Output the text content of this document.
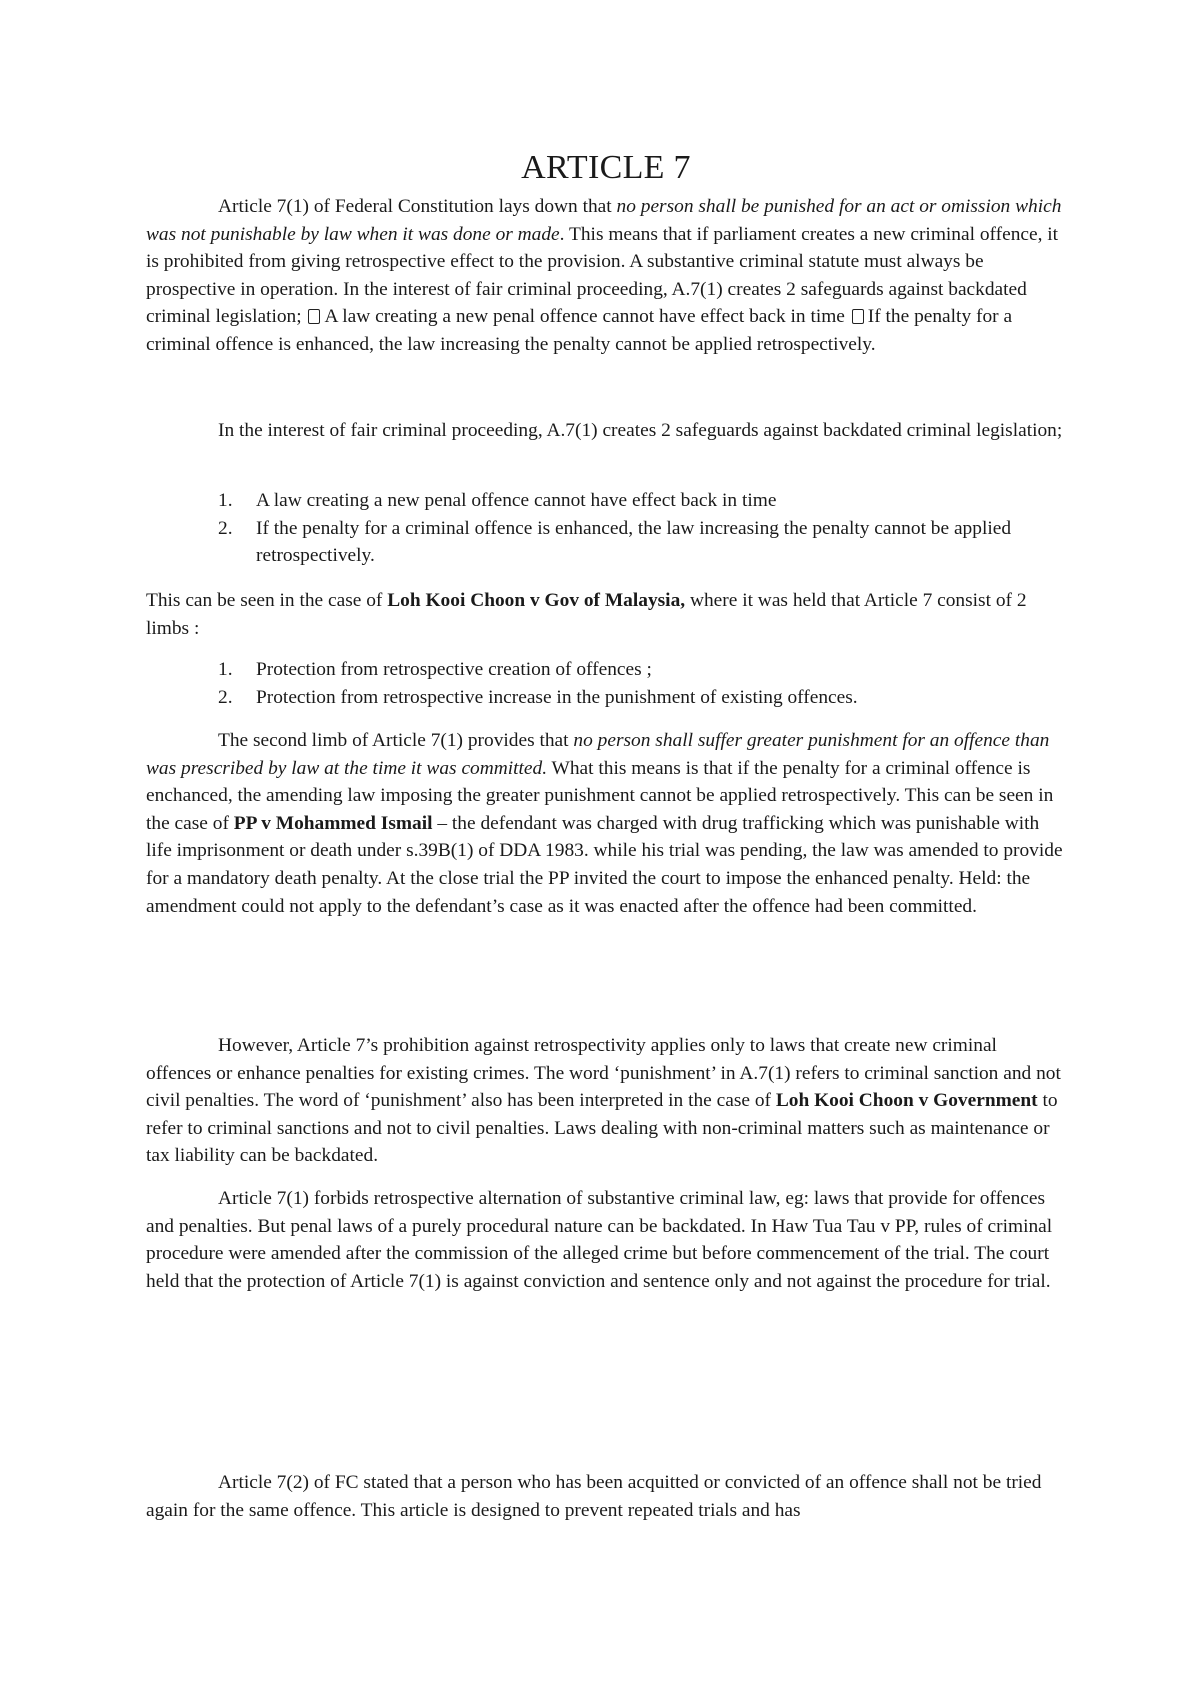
ARTICLE 7

Article 7(1) of Federal Constitution lays down that no person shall be punished for an act or omission which was not punishable by law when it was done or made. This means that if parliament creates a new criminal offence, it is prohibited from giving retrospective effect to the provision. A substantive criminal statute must always be prospective in operation. In the interest of fair criminal proceeding, A.7(1) creates 2 safeguards against backdated criminal legislation; A law creating a new penal offence cannot have effect back in time If the penalty for a criminal offence is enhanced, the law increasing the penalty cannot be applied retrospectively.

In the interest of fair criminal proceeding, A.7(1) creates 2 safeguards against backdated criminal legislation;

1. A law creating a new penal offence cannot have effect back in time
2. If the penalty for a criminal offence is enhanced, the law increasing the penalty cannot be applied retrospectively.

This can be seen in the case of Loh Kooi Choon v Gov of Malaysia, where it was held that Article 7 consist of 2 limbs :

1. Protection from retrospective creation of offences ;
2. Protection from retrospective increase in the punishment of existing offences.

The second limb of Article 7(1) provides that no person shall suffer greater punishment for an offence than was prescribed by law at the time it was committed. What this means is that if the penalty for a criminal offence is enchanced, the amending law imposing the greater punishment cannot be applied retrospectively. This can be seen in the case of PP v Mohammed Ismail – the defendant was charged with drug trafficking which was punishable with life imprisonment or death under s.39B(1) of DDA 1983. while his trial was pending, the law was amended to provide for a mandatory death penalty. At the close trial the PP invited the court to impose the enhanced penalty. Held: the amendment could not apply to the defendant’s case as it was enacted after the offence had been committed.

However, Article 7’s prohibition against retrospectivity applies only to laws that create new criminal offences or enhance penalties for existing crimes. The word ‘punishment’ in A.7(1) refers to criminal sanction and not civil penalties. The word of ‘punishment’ also has been interpreted in the case of Loh Kooi Choon v Government to refer to criminal sanctions and not to civil penalties. Laws dealing with non-criminal matters such as maintenance or tax liability can be backdated.

Article 7(1) forbids retrospective alternation of substantive criminal law, eg: laws that provide for offences and penalties. But penal laws of a purely procedural nature can be backdated. In Haw Tua Tau v PP, rules of criminal procedure were amended after the commission of the alleged crime but before commencement of the trial. The court held that the protection of Article 7(1) is against conviction and sentence only and not against the procedure for trial.

Article 7(2) of FC stated that a person who has been acquitted or convicted of an offence shall not be tried again for the same offence. This article is designed to prevent repeated trials and has
